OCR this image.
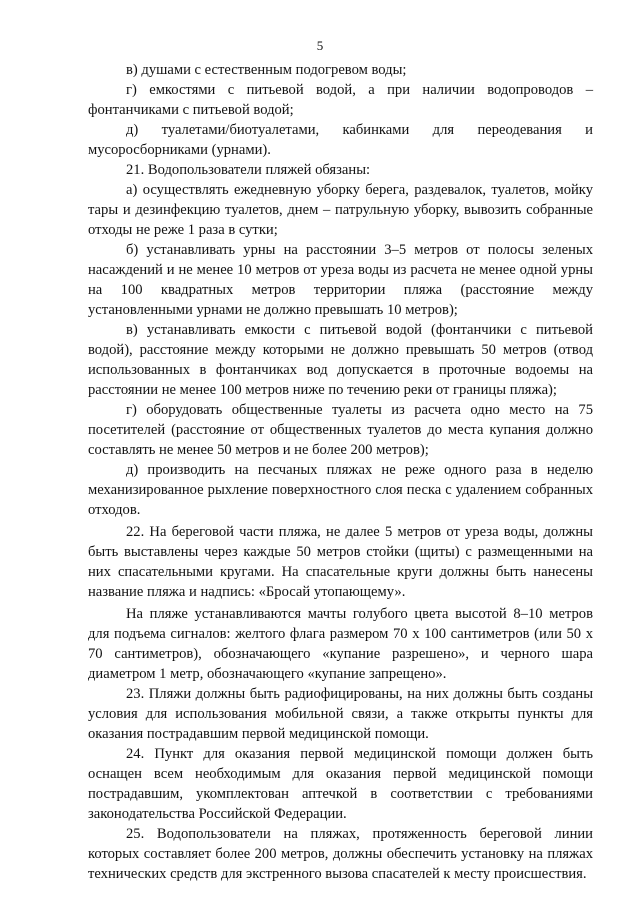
5

в) душами с естественным подогревом воды;

г) емкостями с питьевой водой, а при наличии водопроводов – фонтанчиками с питьевой водой;

д) туалетами/биотуалетами, кабинками для переодевания и мусоросборниками (урнами).

21. Водопользователи пляжей обязаны:

а) осуществлять ежедневную уборку берега, раздевалок, туалетов, мойку тары и дезинфекцию туалетов, днем – патрульную уборку, вывозить собранные отходы не реже 1 раза в сутки;

б) устанавливать урны на расстоянии 3–5 метров от полосы зеленых насаждений и не менее 10 метров от уреза воды из расчета не менее одной урны на 100 квадратных метров территории пляжа (расстояние между установленными урнами не должно превышать 10 метров);

в) устанавливать емкости с питьевой водой (фонтанчики с питьевой водой), расстояние между которыми не должно превышать 50 метров (отвод использованных в фонтанчиках вод допускается в проточные водоемы на расстоянии не менее 100 метров ниже по течению реки от границы пляжа);

г) оборудовать общественные туалеты из расчета одно место на 75 посетителей (расстояние от общественных туалетов до места купания должно составлять не менее 50 метров и не более 200 метров);

д) производить на песчаных пляжах не реже одного раза в неделю механизированное рыхление поверхностного слоя песка с удалением собранных отходов.

22. На береговой части пляжа, не далее 5 метров от уреза воды, должны быть выставлены через каждые 50 метров стойки (щиты) с размещенными на них спасательными кругами. На спасательные круги должны быть нанесены название пляжа и надпись: «Бросай утопающему».

На пляже устанавливаются мачты голубого цвета высотой 8–10 метров для подъема сигналов: желтого флага размером 70 х 100 сантиметров (или 50 х 70 сантиметров), обозначающего «купание разрешено», и черного шара диаметром 1 метр, обозначающего «купание запрещено».

23. Пляжи должны быть радиофицированы, на них должны быть созданы условия для использования мобильной связи, а также открыты пункты для оказания пострадавшим первой медицинской помощи.

24. Пункт для оказания первой медицинской помощи должен быть оснащен всем необходимым для оказания первой медицинской помощи пострадавшим, укомплектован аптечкой в соответствии с требованиями законодательства Российской Федерации.

25. Водопользователи на пляжах, протяженность береговой линии которых составляет более 200 метров, должны обеспечить установку на пляжах технических средств для экстренного вызова спасателей к месту происшествия.
